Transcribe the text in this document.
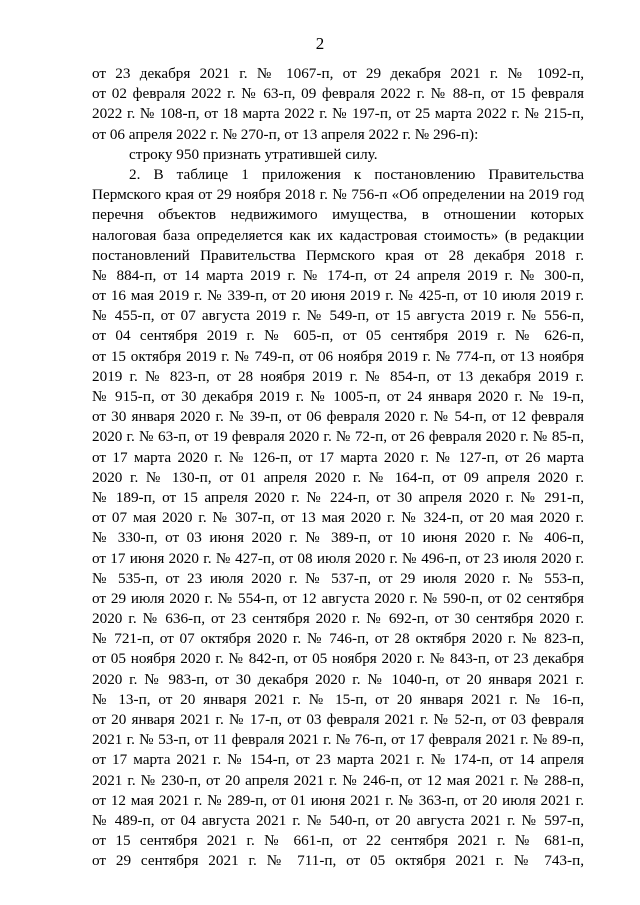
2
от 23 декабря 2021 г. № 1067-п, от 29 декабря 2021 г. № 1092-п,
от 02 февраля 2022 г. № 63-п, 09 февраля 2022 г. № 88-п, от 15 февраля
2022 г. № 108-п, от 18 марта 2022 г. № 197-п, от 25 марта 2022 г. № 215-п,
от 06 апреля 2022 г. № 270-п, от 13 апреля 2022 г. № 296-п):
строку 950 признать утратившей силу.
2. В таблице 1 приложения к постановлению Правительства
Пермского края от 29 ноября 2018 г. № 756-п «Об определении на 2019 год
перечня объектов недвижимого имущества, в отношении которых
налоговая база определяется как их кадастровая стоимость» (в редакции
постановлений Правительства Пермского края от 28 декабря 2018 г.
№ 884-п, от 14 марта 2019 г. № 174-п, от 24 апреля 2019 г. № 300-п,
от 16 мая 2019 г. № 339-п, от 20 июня 2019 г. № 425-п, от 10 июля 2019 г.
№ 455-п, от 07 августа 2019 г. № 549-п, от 15 августа 2019 г. № 556-п,
от 04 сентября 2019 г. № 605-п, от 05 сентября 2019 г. № 626-п,
от 15 октября 2019 г. № 749-п, от 06 ноября 2019 г. № 774-п, от 13 ноября
2019 г. № 823-п, от 28 ноября 2019 г. № 854-п, от 13 декабря 2019 г.
№ 915-п, от 30 декабря 2019 г. № 1005-п, от 24 января 2020 г. № 19-п,
от 30 января 2020 г. № 39-п, от 06 февраля 2020 г. № 54-п, от 12 февраля
2020 г. № 63-п, от 19 февраля 2020 г. № 72-п, от 26 февраля 2020 г. № 85-п,
от 17 марта 2020 г. № 126-п, от 17 марта 2020 г. № 127-п, от 26 марта
2020 г. № 130-п, от 01 апреля 2020 г. № 164-п, от 09 апреля 2020 г.
№ 189-п, от 15 апреля 2020 г. № 224-п, от 30 апреля 2020 г. № 291-п,
от 07 мая 2020 г. № 307-п, от 13 мая 2020 г. № 324-п, от 20 мая 2020 г.
№ 330-п, от 03 июня 2020 г. № 389-п, от 10 июня 2020 г. № 406-п,
от 17 июня 2020 г. № 427-п, от 08 июля 2020 г. № 496-п, от 23 июля 2020 г.
№ 535-п, от 23 июля 2020 г. № 537-п, от 29 июля 2020 г. № 553-п,
от 29 июля 2020 г. № 554-п, от 12 августа 2020 г. № 590-п, от 02 сентября
2020 г. № 636-п, от 23 сентября 2020 г. № 692-п, от 30 сентября 2020 г.
№ 721-п, от 07 октября 2020 г. № 746-п, от 28 октября 2020 г. № 823-п,
от 05 ноября 2020 г. № 842-п, от 05 ноября 2020 г. № 843-п, от 23 декабря
2020 г. № 983-п, от 30 декабря 2020 г. № 1040-п, от 20 января 2021 г.
№ 13-п, от 20 января 2021 г. № 15-п, от 20 января 2021 г. № 16-п,
от 20 января 2021 г. № 17-п, от 03 февраля 2021 г. № 52-п, от 03 февраля
2021 г. № 53-п, от 11 февраля 2021 г. № 76-п, от 17 февраля 2021 г. № 89-п,
от 17 марта 2021 г. № 154-п, от 23 марта 2021 г. № 174-п, от 14 апреля
2021 г. № 230-п, от 20 апреля 2021 г. № 246-п, от 12 мая 2021 г. № 288-п,
от 12 мая 2021 г. № 289-п, от 01 июня 2021 г. № 363-п, от 20 июля 2021 г.
№ 489-п, от 04 августа 2021 г. № 540-п, от 20 августа 2021 г. № 597-п,
от 15 сентября 2021 г. № 661-п, от 22 сентября 2021 г. № 681-п,
от 29 сентября 2021 г. № 711-п, от 05 октября 2021 г. № 743-п,
